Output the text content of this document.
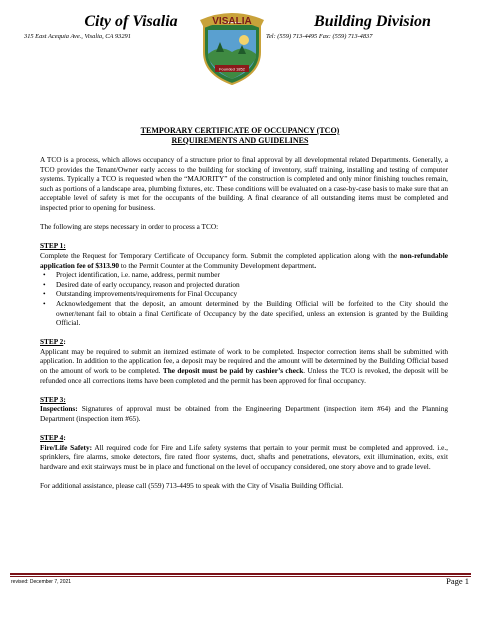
City of Visalia
315 East Acequia Ave., Visalia, CA 93291
VISALIA
Founded 1852
Building Division
Tel: (559) 713-4495 Fax: (559) 713-4837
TEMPORARY CERTIFICATE OF OCCUPANCY (TCO)
REQUIREMENTS AND GUIDELINES

A TCO is a process, which allows occupancy of a structure prior to final approval by all developmental related Departments. Generally, a TCO provides the Tenant/Owner early access to the building for stocking of inventory, staff training, installing and testing of computer systems. Typically a TCO is requested when the “MAJORITY” of the construction is completed and only minor finishing touches remain, such as portions of a landscape area, plumbing fixtures, etc. These conditions will be evaluated on a case-by-case basis to make sure that an acceptable level of safety is met for the occupants of the building. A final clearance of all outstanding items must be completed and inspected prior to opening for business.

The following are steps necessary in order to process a TCO:

STEP 1:

Complete the Request for Temporary Certificate of Occupancy form. Submit the completed application along with the non-refundable application fee of $313.90 to the Permit Counter at the Community Development department.

• Project identification, i.e. name, address, permit number
• Desired date of early occupancy, reason and projected duration
• Outstanding improvements/requirements for Final Occupancy
• Acknowledgement that the deposit, an amount determined by the Building Official will be forfeited to the City should the owner/tenant fail to obtain a final Certificate of Occupancy by the date specified, unless an extension is granted by the Building Official.
STEP 2:

Applicant may be required to submit an itemized estimate of work to be completed. Inspector correction items shall be submitted with application. In addition to the application fee, a deposit may be required and the amount will be determined by the Building Official based on the amount of work to be completed. The deposit must be paid by cashier’s check. Unless the TCO is revoked, the deposit will be refunded once all corrections items have been completed and the permit has been approved for final occupancy.

STEP 3:

Inspections: Signatures of approval must be obtained from the Engineering Department (inspection item #64) and the Planning Department (inspection item #65).

STEP 4:

Fire/Life Safety: All required code for Fire and Life safety systems that pertain to your permit must be completed and approved. i.e., sprinklers, fire alarms, smoke detectors, fire rated floor systems, duct, shafts and penetrations, elevators, exit illumination, exits, exit hardware and exit stairways must be in place and functional on the level of occupancy considered, one story above and to grade level.

For additional assistance, please call (559) 713-4495 to speak with the City of Visalia Building Official.

revised: December 7, 2021	Page 1
